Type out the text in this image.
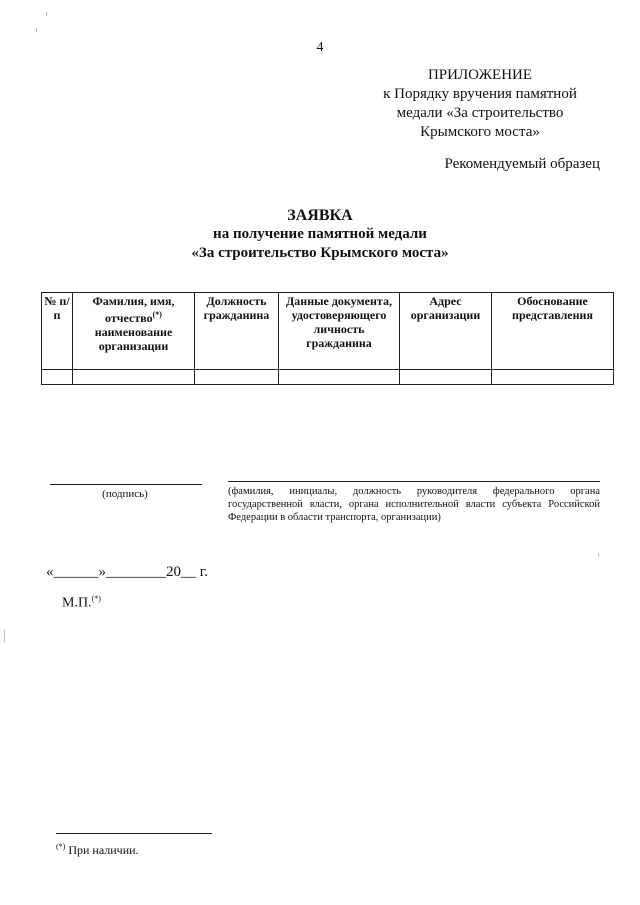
4
ПРИЛОЖЕНИЕ
к Порядку вручения памятной
медали «За строительство
Крымского моста»
Рекомендуемый образец
ЗАЯВКА
на получение памятной медали
«За строительство Крымского моста»
№ п/п	Фамилия, имя, отчество(*) наименование организации	Должность гражданина	Данные документа, удостоверяющего личность гражданина	Адрес организации	Обоснование представления

(подпись)	(фамилия, инициалы, должность руководителя федерального органа государственной власти, органа исполнительной власти субъекта Российской Федерации в области транспорта, организации)
«______»________20__ г.
М.П.(*)
(*) При наличии.
